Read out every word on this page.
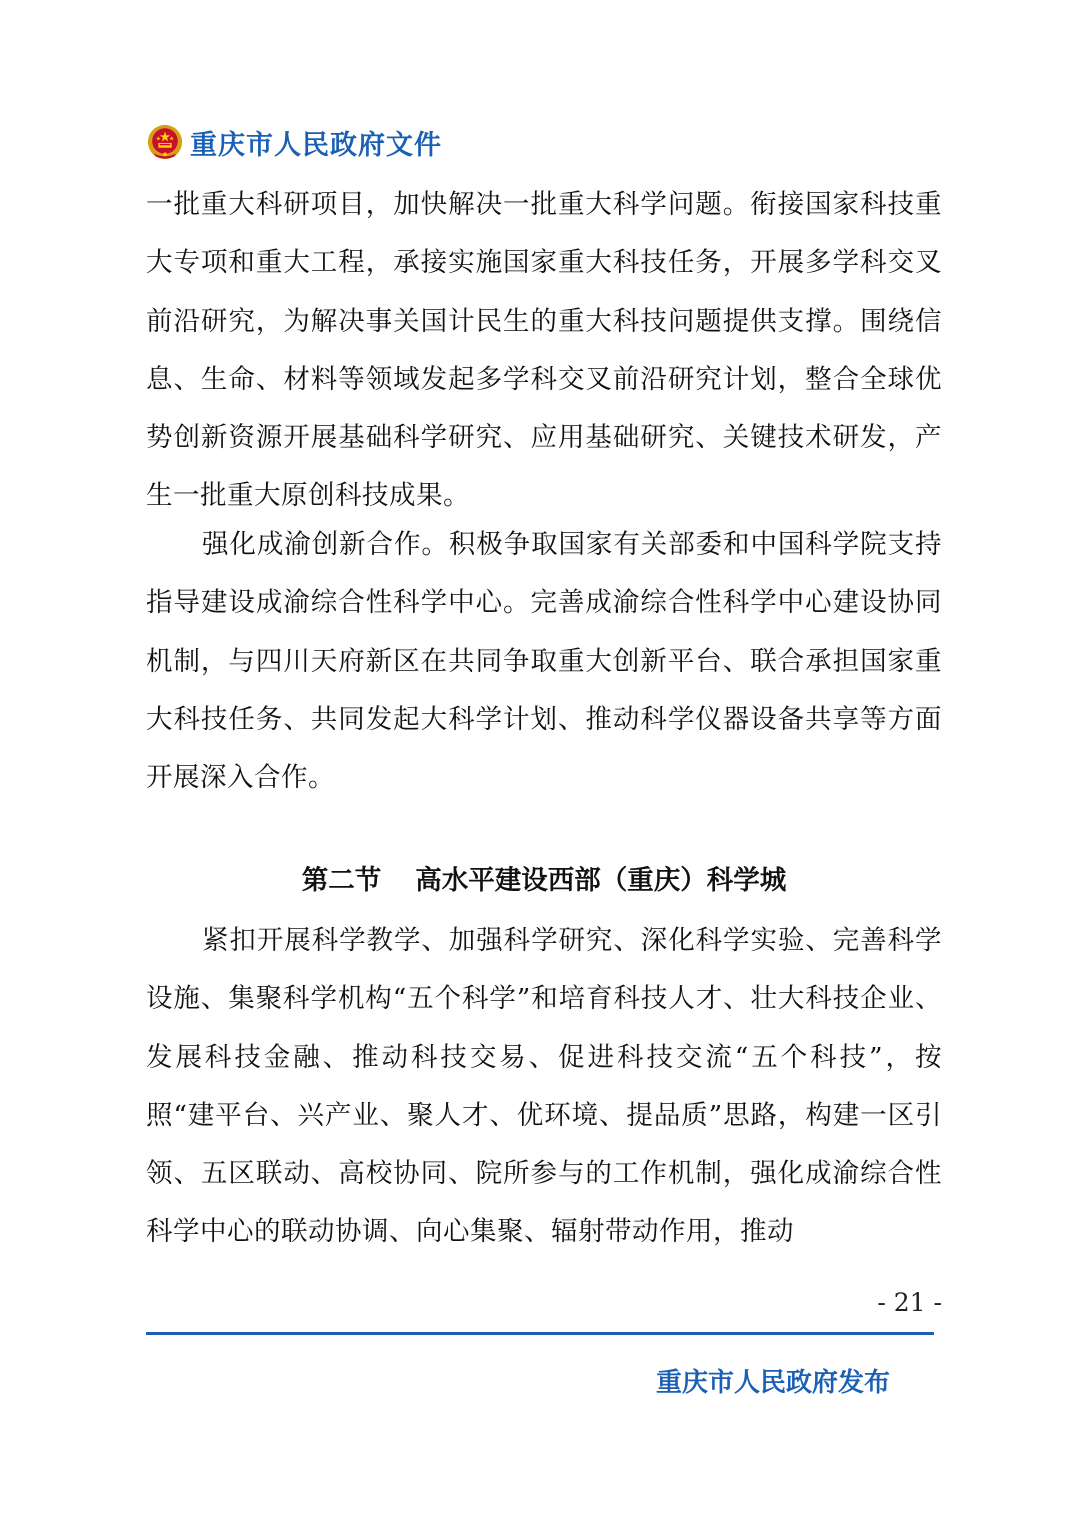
重庆市人民政府文件

一批重大科研项目，加快解决一批重大科学问题。衔接国家科技重大专项和重大工程，承接实施国家重大科技任务，开展多学科交叉前沿研究，为解决事关国计民生的重大科技问题提供支撑。围绕信息、生命、材料等领域发起多学科交叉前沿研究计划，整合全球优势创新资源开展基础科学研究、应用基础研究、关键技术研发，产生一批重大原创科技成果。

强化成渝创新合作。积极争取国家有关部委和中国科学院支持指导建设成渝综合性科学中心。完善成渝综合性科学中心建设协同机制，与四川天府新区在共同争取重大创新平台、联合承担国家重大科技任务、共同发起大科学计划、推动科学仪器设备共享等方面开展深入合作。

第二节 高水平建设西部（重庆）科学城

紧扣开展科学教学、加强科学研究、深化科学实验、完善科学设施、集聚科学机构“五个科学”和培育科技人才、壮大科技企业、发展科技金融、推动科技交易、促进科技交流“五个科技”，按照“建平台、兴产业、聚人才、优环境、提品质”思路，构建一区引领、五区联动、高校协同、院所参与的工作机制，强化成渝综合性科学中心的联动协调、向心集聚、辐射带动作用，推动

- 21 -
重庆市人民政府发布
